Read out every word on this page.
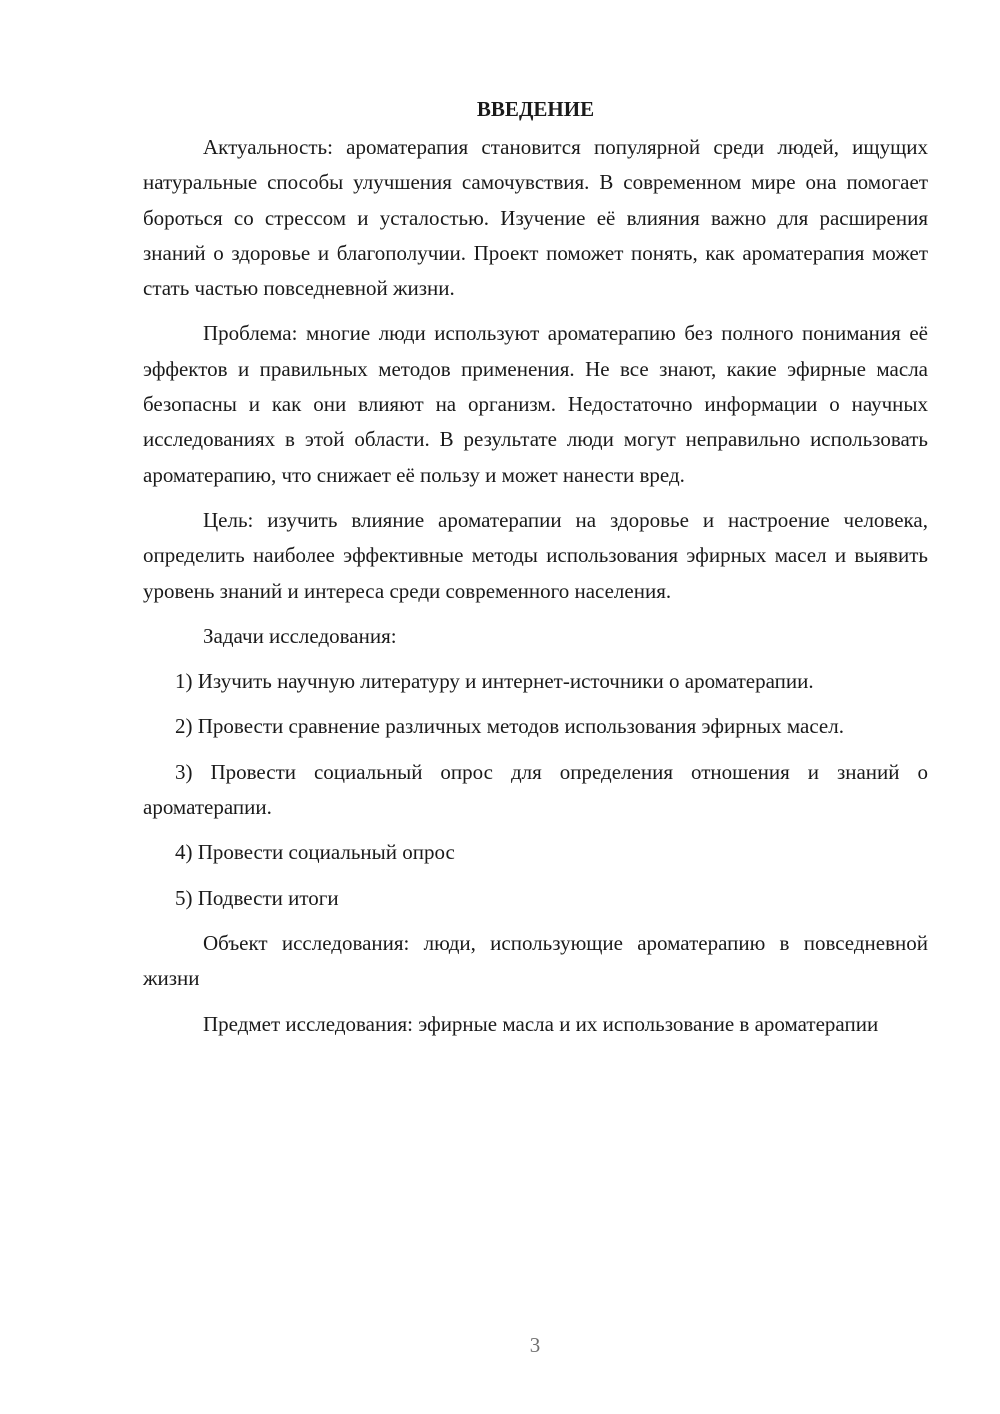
ВВЕДЕНИЕ

Актуальность: ароматерапия становится популярной среди людей, ищущих натуральные способы улучшения самочувствия. В современном мире она помогает бороться со стрессом и усталостью. Изучение её влияния важно для расширения знаний о здоровье и благополучии. Проект поможет понять, как ароматерапия может стать частью повседневной жизни.

Проблема: многие люди используют ароматерапию без полного понимания её эффектов и правильных методов применения. Не все знают, какие эфирные масла безопасны и как они влияют на организм. Недостаточно информации о научных исследованиях в этой области. В результате люди могут неправильно использовать ароматерапию, что снижает её пользу и может нанести вред.

Цель: изучить влияние ароматерапии на здоровье и настроение человека, определить наиболее эффективные методы использования эфирных масел и выявить уровень знаний и интереса среди современного населения.

Задачи исследования:

1) Изучить научную литературу и интернет-источники о ароматерапии.

2) Провести сравнение различных методов использования эфирных масел.

3) Провести социальный опрос для определения отношения и знаний о ароматерапии.

4) Провести социальный опрос

5) Подвести итоги

Объект исследования: люди, использующие ароматерапию в повседневной жизни

Предмет исследования: эфирные масла и их использование в ароматерапии

3
